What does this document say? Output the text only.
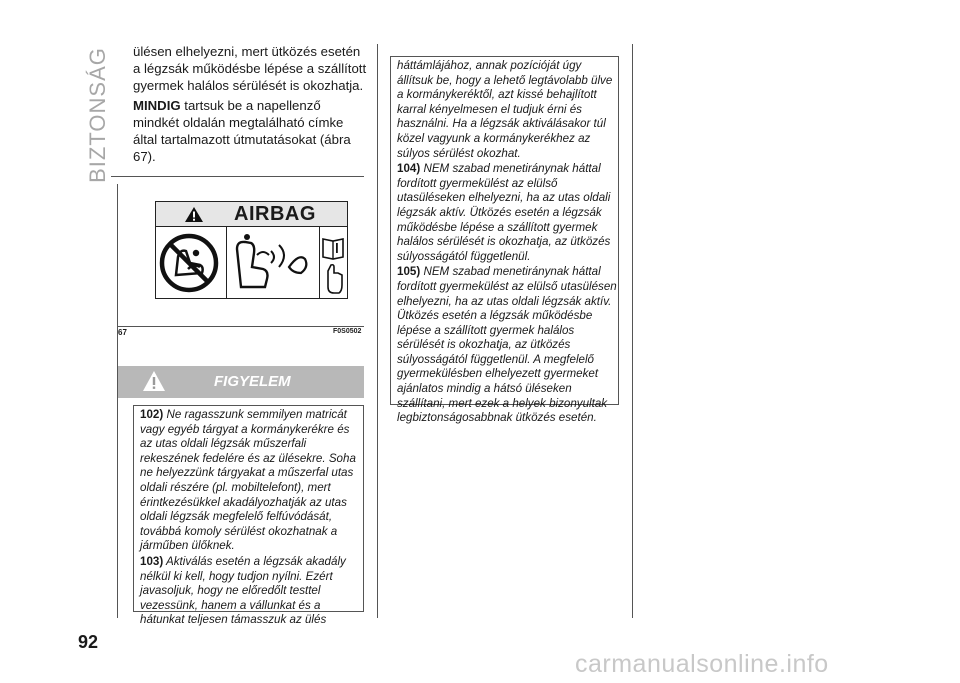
BIZTONSÁG
92

ülésen elhelyezni, mert ütközés esetén a légzsák működésbe lépése a szállított gyermek halálos sérülését is okozhatja.

MINDIG tartsuk be a napellenző mindkét oldalán megtalálható címke által tartalmazott útmutatásokat (ábra 67).

AIRBAG
67	F0S0502
FIGYELEM

102) Ne ragasszunk semmilyen matricát vagy egyéb tárgyat a kormánykerékre és az utas oldali légzsák műszerfali rekeszének fedelére és az ülésekre. Soha ne helyezzünk tárgyakat a műszerfal utas oldali részére (pl. mobiltelefont), mert érintkezésükkel akadályozhatják az utas oldali légzsák megfelelő felfúvódását, továbbá komoly sérülést okozhatnak a járműben ülőknek.

103) Aktiválás esetén a légzsák akadály nélkül ki kell, hogy tudjon nyílni. Ezért javasoljuk, hogy ne előredőlt testtel vezessünk, hanem a vállunkat és a hátunkat teljesen támasszuk az ülés

háttámlájához, annak pozícióját úgy állítsuk be, hogy a lehető legtávolabb ülve a kormánykeréktől, azt kissé behajlított karral kényelmesen el tudjuk érni és használni. Ha a légzsák aktiválásakor túl közel vagyunk a kormánykerékhez az súlyos sérülést okozhat.

104) NEM szabad menetiránynak háttal fordított gyermekülést az elülső utasüléseken elhelyezni, ha az utas oldali légzsák aktív. Ütközés esetén a légzsák működésbe lépése a szállított gyermek halálos sérülését is okozhatja, az ütközés súlyosságától függetlenül.

105) NEM szabad menetiránynak háttal fordított gyermekülést az elülső utasülésen elhelyezni, ha az utas oldali légzsák aktív. Ütközés esetén a légzsák működésbe lépése a szállított gyermek halálos sérülését is okozhatja, az ütközés súlyosságától függetlenül. A megfelelő gyermekülésben elhelyezett gyermeket ajánlatos mindig a hátsó üléseken szállítani, mert ezek a helyek bizonyultak legbiztonságosabbnak ütközés esetén.

carmanualsonline.info
